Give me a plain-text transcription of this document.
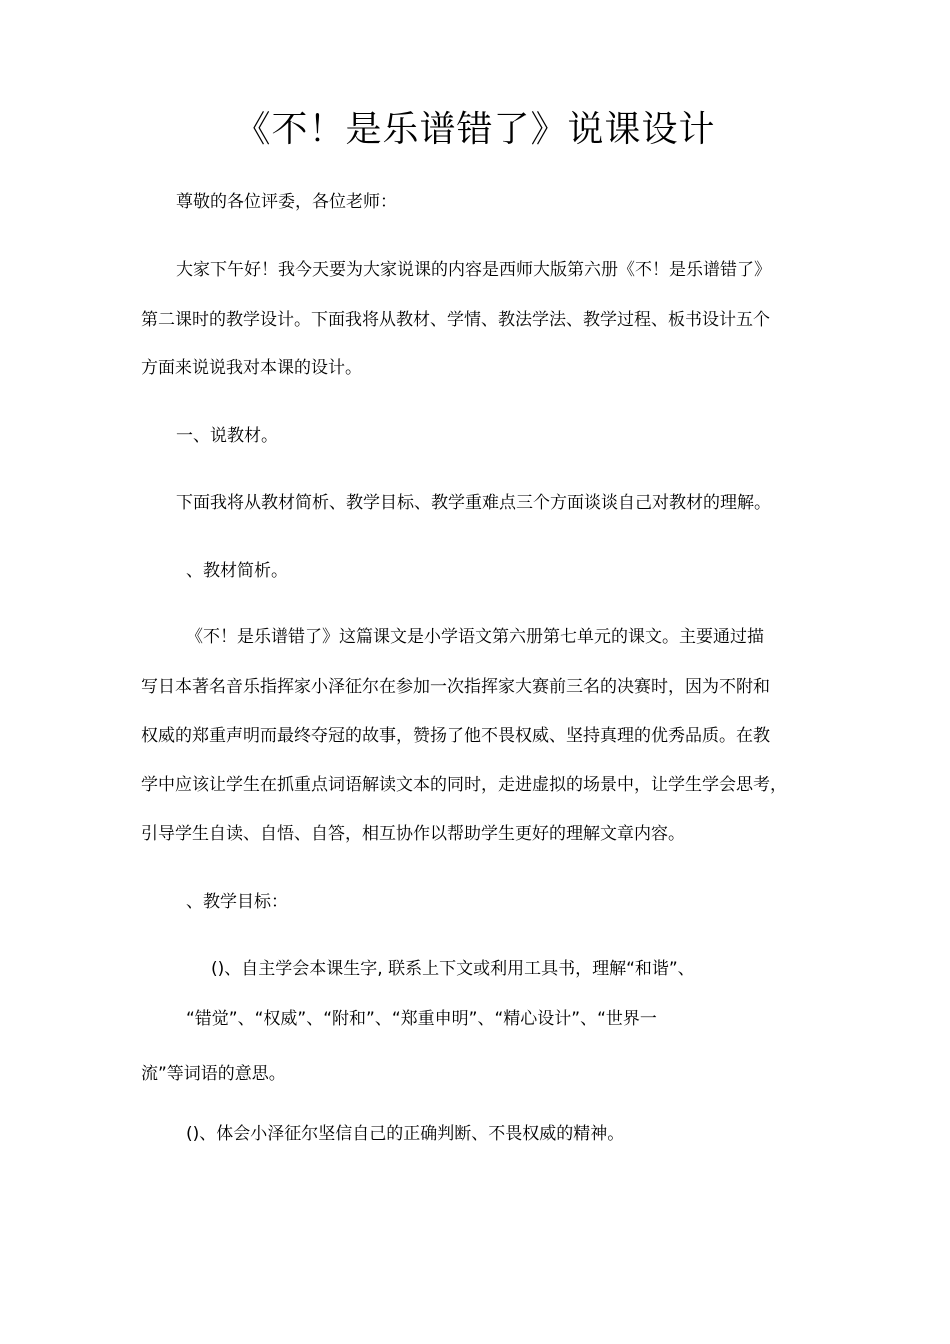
《不！是乐谱错了》说课设计
尊敬的各位评委，各位老师：
大家下午好！我今天要为大家说课的内容是西师大版第六册《不！是乐谱错了》
第二课时的教学设计。下面我将从教材、学情、教法学法、教学过程、板书设计五个
方面来说说我对本课的设计。
一、说教材。
下面我将从教材简析、教学目标、教学重难点三个方面谈谈自己对教材的理解。
、教材简析。
《不！是乐谱错了》这篇课文是小学语文第六册第七单元的课文。主要通过描
写日本著名音乐指挥家小泽征尔在参加一次指挥家大赛前三名的决赛时，因为不附和
权威的郑重声明而最终夺冠的故事，赞扬了他不畏权威、坚持真理的优秀品质。在教
学中应该让学生在抓重点词语解读文本的同时，走进虚拟的场景中，让学生学会思考，
引导学生自读、自悟、自答，相互协作以帮助学生更好的理解文章内容。
、教学目标：
()、自主学会本课生字, 联系上下文或利用工具书，理解“和谐”、
“错觉”、“权威”、“附和”、“郑重申明”、“精心设计”、“世界一
流”等词语的意思。
()、体会小泽征尔坚信自己的正确判断、不畏权威的精神。
